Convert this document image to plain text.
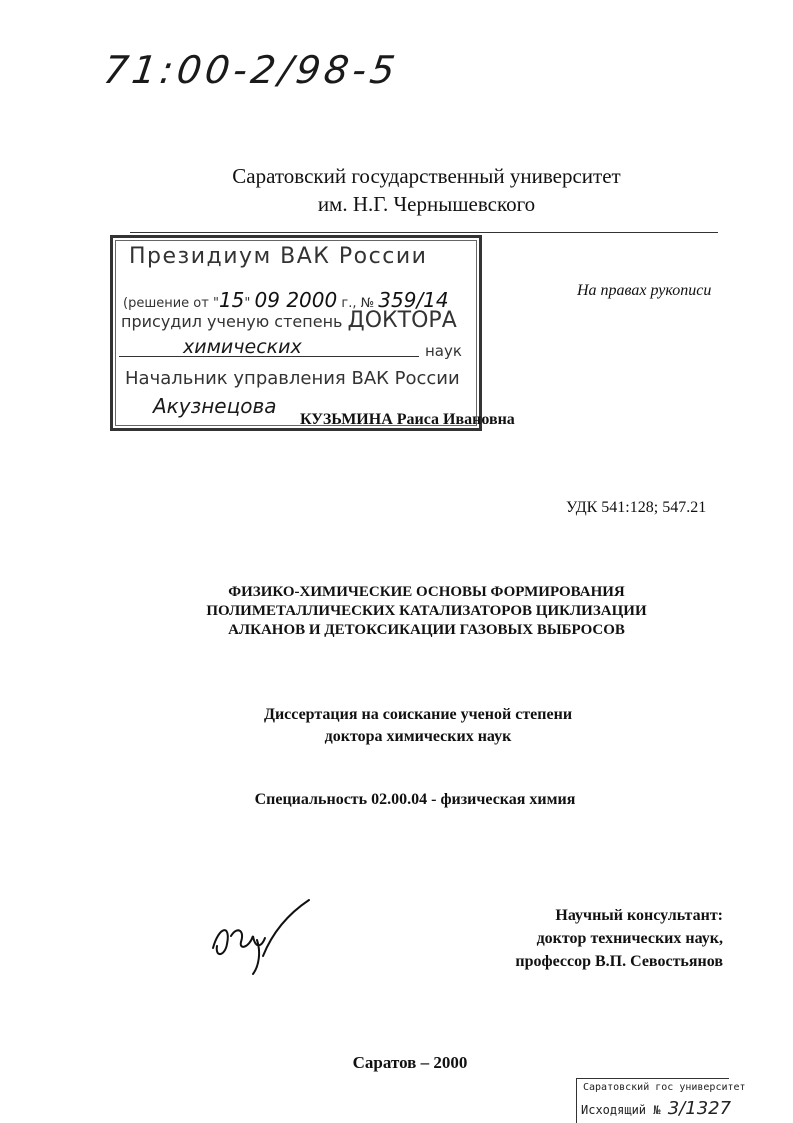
71:00-2/98-5
Саратовский государственный университет
им. Н.Г. Чернышевского
Президиум ВАК России
(решение от "15" 09 2000 г., № 359/14
присудил ученую степень ДОКТОРА
химических	наук
Начальник управления ВАК России
Акузнецова
На правах рукописи
КУЗЬМИНА Раиса Ивановна
УДК 541:128; 547.21
ФИЗИКО-ХИМИЧЕСКИЕ ОСНОВЫ ФОРМИРОВАНИЯ
ПОЛИМЕТАЛЛИЧЕСКИХ КАТАЛИЗАТОРОВ ЦИКЛИЗАЦИИ
АЛКАНОВ И ДЕТОКСИКАЦИИ ГАЗОВЫХ ВЫБРОСОВ
Диссертация на соискание ученой степени
доктора химических наук
Специальность 02.00.04 - физическая химия
Научный консультант:
доктор технических наук,
профессор В.П. Севостьянов
Саратов – 2000
Саратовский гос университет
Исходящий № 3/1327
